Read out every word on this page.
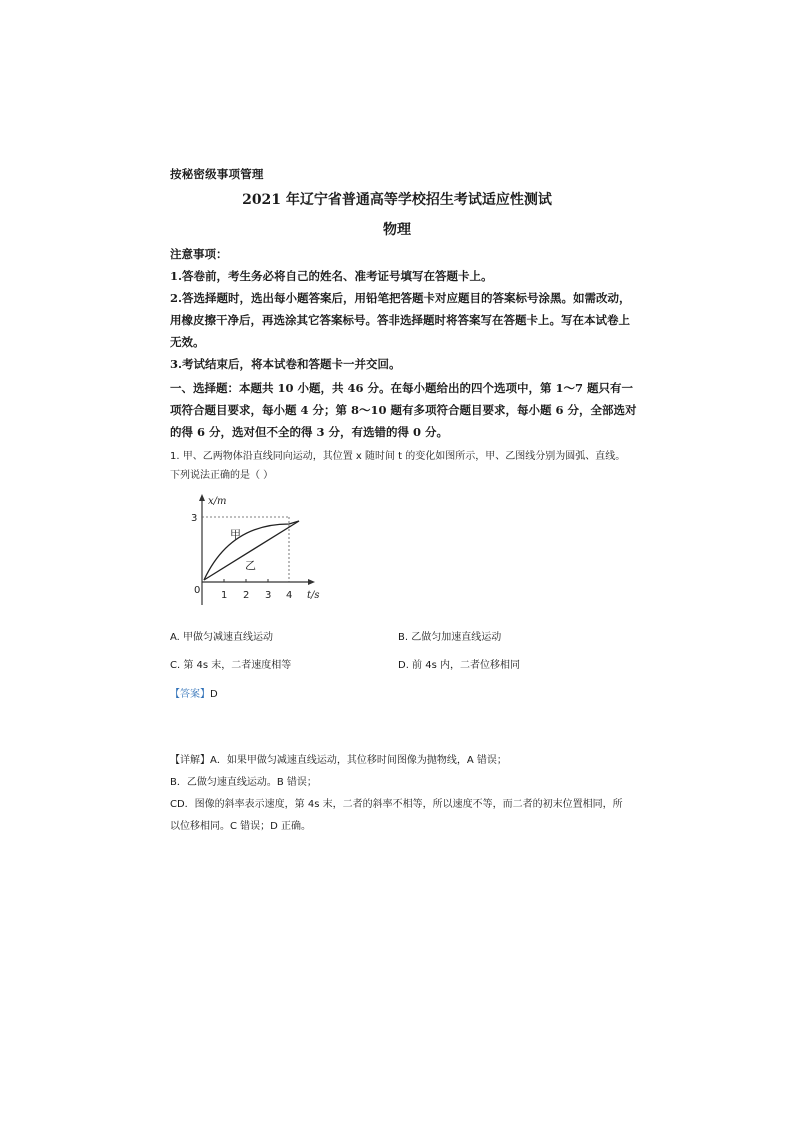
按秘密级事项管理
2021 年辽宁省普通高等学校招生考试适应性测试
物理

注意事项：

1.答卷前，考生务必将自己的姓名、准考证号填写在答题卡上。

2.答选择题时，选出每小题答案后，用铅笔把答题卡对应题目的答案标号涂黑。如需改动，用橡皮擦干净后，再选涂其它答案标号。答非选择题时将答案写在答题卡上。写在本试卷上无效。

3.考试结束后，将本试卷和答题卡一并交回。

一、选择题：本题共 10 小题，共 46 分。在每小题给出的四个选项中，第 1～7 题只有一项符合题目要求，每小题 4 分；第 8～10 题有多项符合题目要求，每小题 6 分，全部选对的得 6 分，选对但不全的得 3 分，有选错的得 0 分。
1. 甲、乙两物体沿直线同向运动，其位置 x 随时间 t 的变化如图所示，甲、乙图线分别为圆弧、直线。下列说法正确的是（ ）
x/m
t/s
0
3
1 2 3 4
甲
乙
A. 甲做匀减速直线运动	B. 乙做匀加速直线运动
C. 第 4s 末，二者速度相等	D. 前 4s 内，二者位移相同
【答案】D

【详解】A．如果甲做匀减速直线运动，其位移时间图像为抛物线，A 错误；

B．乙做匀速直线运动。B 错误；

CD．图像的斜率表示速度，第 4s 末，二者的斜率不相等，所以速度不等，而二者的初末位置相同，所以位移相同。C 错误；D 正确。
